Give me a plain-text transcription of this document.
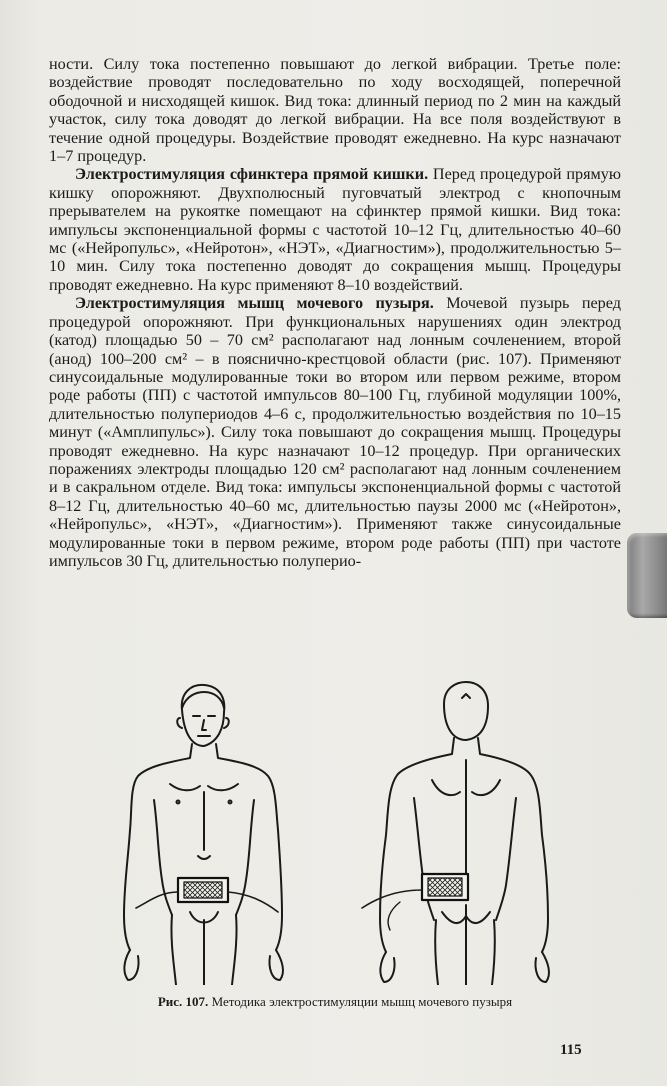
ности. Силу тока постепенно повышают до легкой вибрации. Третье поле: воздействие проводят последовательно по ходу восходящей, поперечной ободочной и нисходящей кишок. Вид тока: длинный период по 2 мин на каждый участок, силу тока доводят до легкой вибрации. На все поля воздействуют в течение одной процедуры. Воздействие проводят ежедневно. На курс назначают 1–7 процедур.

Электростимуляция сфинктера прямой кишки. Перед процедурой прямую кишку опорожняют. Двухполюсный пуговчатый электрод с кнопочным прерывателем на рукоятке помещают на сфинктер прямой кишки. Вид тока: импульсы экспоненциальной формы с частотой 10–12 Гц, длительностью 40–60 мс («Нейропульс», «Нейротон», «НЭТ», «Диагностим»), продолжительностью 5–10 мин. Силу тока постепенно доводят до сокращения мышц. Процедуры проводят ежедневно. На курс применяют 8–10 воздействий.

Электростимуляция мышц мочевого пузыря. Мочевой пузырь перед процедурой опорожняют. При функциональных нарушениях один электрод (катод) площадью 50 – 70 см² располагают над лонным сочленением, второй (анод) 100–200 см² – в пояснично-крестцовой области (рис. 107). Применяют синусоидальные модулированные токи во втором или первом режиме, втором роде работы (ПП) с частотой импульсов 80–100 Гц, глубиной модуляции 100%, длительностью полупериодов 4–6 с, продолжительностью воздействия по 10–15 минут («Амплипульс»). Силу тока повышают до сокращения мышц. Процедуры проводят ежедневно. На курс назначают 10–12 процедур. При органических поражениях электроды площадью 120 см² располагают над лонным сочленением и в сакральном отделе. Вид тока: импульсы экспоненциальной формы с частотой 8–12 Гц, длительностью 40–60 мс, длительностью паузы 2000 мс («Нейротон», «Нейропульс», «НЭТ», «Диагностим»). Применяют также синусоидальные модулированные токи в первом режиме, втором роде работы (ПП) при частоте импульсов 30 Гц, длительностью полуперио-

Рис. 107. Методика электростимуляции мышц мочевого пузыря
115
